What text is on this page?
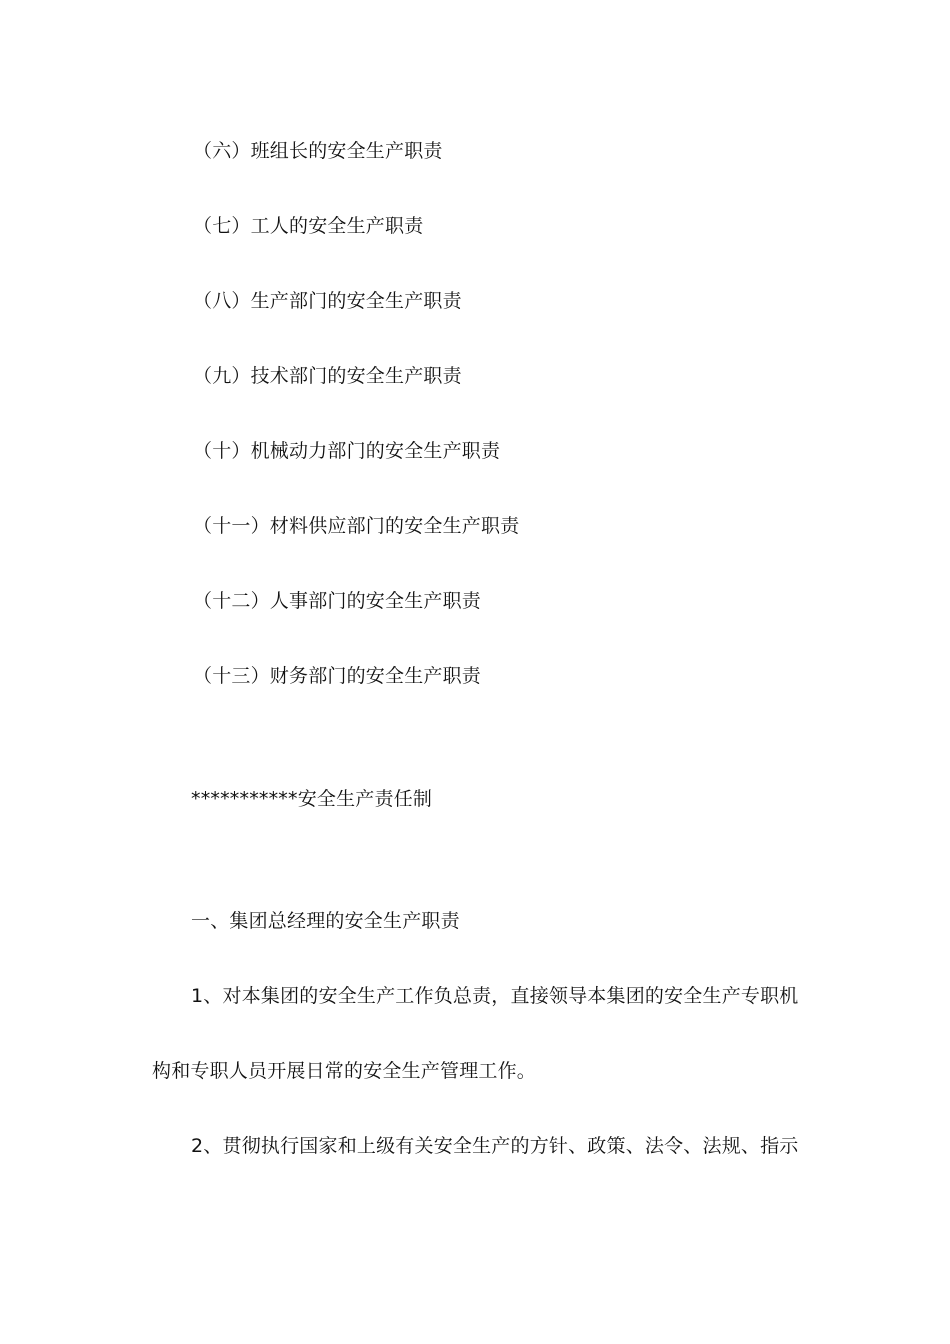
（六）班组长的安全生产职责
（七）工人的安全生产职责
（八）生产部门的安全生产职责
（九）技术部门的安全生产职责
（十）机械动力部门的安全生产职责
（十一）材料供应部门的安全生产职责
（十二）人事部门的安全生产职责
（十三）财务部门的安全生产职责
***********安全生产责任制
一、集团总经理的安全生产职责
1、对本集团的安全生产工作负总责，直接领导本集团的安全生产专职机
构和专职人员开展日常的安全生产管理工作。
2、贯彻执行国家和上级有关安全生产的方针、政策、法令、法规、指示
